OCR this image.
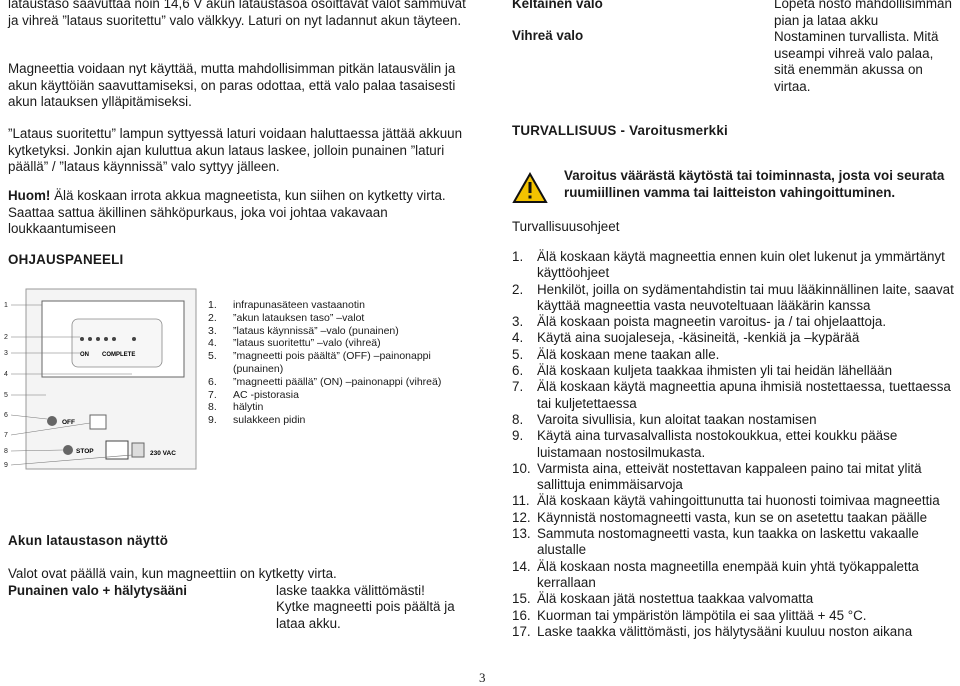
lataustaso saavuttaa noin 14,6 V akun lataustasoa osoittavat valot sammuvat ja vihreä ”lataus suoritettu” valo välkkyy. Laturi on nyt ladannut akun täyteen.

Magneettia voidaan nyt käyttää, mutta mahdollisimman pitkän latausvälin ja akun käyttöiän saavuttamiseksi, on paras odottaa, että valo palaa tasaisesti akun latauksen ylläpitämiseksi.

”Lataus suoritettu” lampun syttyessä laturi voidaan haluttaessa jättää akkuun kytketyksi. Jonkin ajan kuluttua akun lataus laskee, jolloin punainen ”laturi päällä” / ”lataus käynnissä” valo syttyy jälleen.

Huom! Älä koskaan irrota akkua magneetista, kun siihen on kytketty virta. Saattaa sattua äkillinen sähköpurkaus, joka voi johtaa vakavaan loukkaantumiseen

OHJAUSPANEELI
ON COMPLETE
OFF
STOP	230 VAC
1
2
3
4
5
6
7
8
9
1.	infrapunasäteen vastaanotin
2.	”akun latauksen taso” –valot
3.	”lataus käynnissä” –valo (punainen)
4.	”lataus suoritettu” –valo (vihreä)
5.	”magneetti pois päältä” (OFF) –painonappi
(punainen)
6.	”magneetti päällä” (ON) –painonappi (vihreä)
7.	AC -pistorasia
8.	hälytin
9.	sulakkeen pidin
Akun lataustason näyttö
Valot ovat päällä vain, kun magneettiin on kytketty virta.
Punainen valo + hälytysääni	laske taakka välittömästi!
Kytke magneetti pois päältä ja lataa akku.
Keltainen valo	Lopeta nosto mahdollisimman pian ja lataa akku
Vihreä valo	Nostaminen turvallista. Mitä useampi vihreä valo palaa, sitä enemmän akussa on virtaa.
TURVALLISUUS - Varoitusmerkki
Varoitus väärästä käytöstä tai toiminnasta, josta voi seurata ruumiillinen vamma tai laitteiston vahingoittuminen.
Turvallisuusohjeet
1.	Älä koskaan käytä magneettia ennen kuin olet lukenut ja ymmärtänyt käyttöohjeet
2.	Henkilöt, joilla on sydämentahdistin tai muu lääkinnällinen laite, saavat käyttää magneettia vasta neuvoteltuaan lääkärin kanssa
3.	Älä koskaan poista magneetin varoitus- ja / tai ohjelaattoja.
4.	Käytä aina suojaleseja, -käsineitä, -kenkiä ja –kypärää
5.	Älä koskaan mene taakan alle.
6.	Älä koskaan kuljeta taakkaa ihmisten yli tai heidän lähellään
7.	Älä koskaan käytä magneettia apuna ihmisiä nostettaessa, tuettaessa tai kuljetettaessa
8.	Varoita sivullisia, kun aloitat taakan nostamisen
9.	Käytä aina turvasalvallista nostokoukkua, ettei koukku pääse luistamaan nostosilmukasta.
10. Varmista aina, etteivät nostettavan kappaleen paino tai mitat ylitä sallittuja enimmäisarvoja
11. Älä koskaan käytä vahingoittunutta tai huonosti toimivaa magneettia
12. Käynnistä nostomagneetti vasta, kun se on asetettu taakan päälle
13. Sammuta nostomagneetti vasta, kun taakka on laskettu vakaalle alustalle
14. Älä koskaan nosta magneetilla enempää kuin yhtä työkappaletta kerrallaan
15. Älä koskaan jätä nostettua taakkaa valvomatta
16. Kuorman tai ympäristön lämpötila ei saa ylittää + 45 °C.
17. Laske taakka välittömästi, jos hälytysääni kuuluu noston aikana
3
